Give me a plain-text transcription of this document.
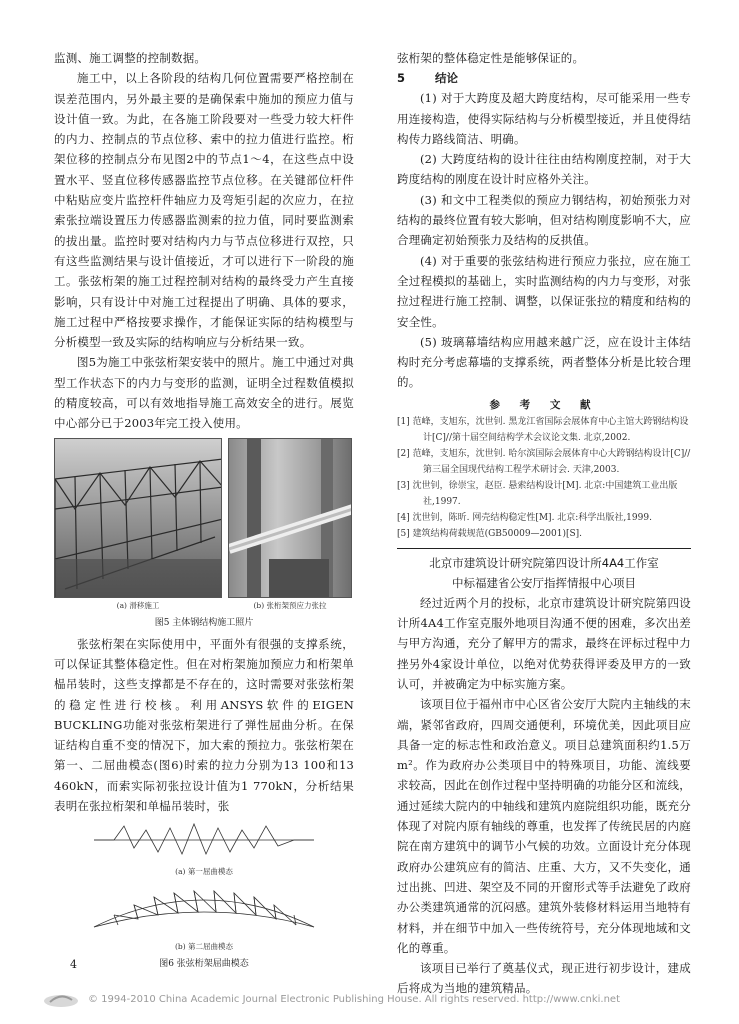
监测、施工调整的控制数据。

施工中，以上各阶段的结构几何位置需要严格控制在误差范围内，另外最主要的是确保索中施加的预应力值与设计值一致。为此，在各施工阶段要对一些受力较大杆件的内力、控制点的节点位移、索中的拉力值进行监控。桁架位移的控制点分布见图2中的节点1～4，在这些点中设置水平、竖直位移传感器监控节点位移。在关键部位杆件中粘贴应变片监控杆件轴应力及弯矩引起的次应力，在拉索张拉端设置压力传感器监测索的拉力值，同时要监测索的拔出量。监控时要对结构内力与节点位移进行双控，只有这些监测结果与设计值接近，才可以进行下一阶段的施工。张弦桁架的施工过程控制对结构的最终受力产生直接影响，只有设计中对施工过程提出了明确、具体的要求，施工过程中严格按要求操作，才能保证实际的结构模型与分析模型一致及实际的结构响应与分析结果一致。

图5为施工中张弦桁架安装中的照片。施工中通过对典型工作状态下的内力与变形的监测，证明全过程数值模拟的精度较高，可以有效地指导施工高效安全的进行。展览中心部分已于2003年完工投入使用。

(a) 滑移施工	(b) 张桁架预应力张拉
图5 主体钢结构施工照片

张弦桁架在实际使用中，平面外有很强的支撑系统，可以保证其整体稳定性。但在对桁架施加预应力和桁架单榀吊装时，这些支撑都是不存在的，这时需要对张弦桁架的稳定性进行校核。利用ANSYS软件的EIGEN BUCKLING功能对张弦桁架进行了弹性屈曲分析。在保证结构自重不变的情况下，加大索的预拉力。张弦桁架在第一、二屈曲模态(图6)时索的拉力分别为13 100和13 460kN，而索实际初张拉设计值为1 770kN，分析结果表明在张拉桁架和单榀吊装时，张

(a) 第一屈曲模态
(b) 第二屈曲模态
图6 张弦桁架屈曲模态

弦桁架的整体稳定性是能够保证的。

5	结论

(1) 对于大跨度及超大跨度结构，尽可能采用一些专用连接构造，使得实际结构与分析模型接近，并且使得结构传力路线简洁、明确。

(2) 大跨度结构的设计往往由结构刚度控制，对于大跨度结构的刚度在设计时应格外关注。

(3) 和文中工程类似的预应力钢结构，初始预张力对结构的最终位置有较大影响，但对结构刚度影响不大，应合理确定初始预张力及结构的反拱值。

(4) 对于重要的张弦结构进行预应力张拉，应在施工全过程模拟的基础上，实时监测结构的内力与变形，对张拉过程进行施工控制、调整，以保证张拉的精度和结构的安全性。

(5) 玻璃幕墙结构应用越来越广泛，应在设计主体结构时充分考虑幕墙的支撑系统，两者整体分析是比较合理的。

参 考 文 献

[1] 范峰，支旭东，沈世钊. 黑龙江省国际会展体育中心主馆大跨钢结构设计[C]//第十届空间结构学术会议论文集. 北京,2002.

[2] 范峰，支旭东，沈世钊. 哈尔滨国际会展体育中心大跨钢结构设计[C]//第三届全国现代结构工程学术研讨会. 天津,2003.

[3] 沈世钊，徐崇宝，赵臣. 悬索结构设计[M]. 北京:中国建筑工业出版社,1997.

[4] 沈世钊，陈昕. 网壳结构稳定性[M]. 北京:科学出版社,1999.

[5] 建筑结构荷载规范(GB50009—2001)[S].

北京市建筑设计研究院第四设计所4A4工作室

中标福建省公安厅指挥情报中心项目

经过近两个月的投标，北京市建筑设计研究院第四设计所4A4工作室克服外地项目沟通不便的困难，多次出差与甲方沟通，充分了解甲方的需求，最终在评标过程中力挫另外4家设计单位，以绝对优势获得评委及甲方的一致认可，并被确定为中标实施方案。

该项目位于福州市中心区省公安厅大院内主轴线的末端，紧邻省政府，四周交通便利，环境优美，因此项目应具备一定的标志性和政治意义。项目总建筑面积约1.5万m²。作为政府办公类项目中的特殊项目，功能、流线要求较高，因此在创作过程中坚持明确的功能分区和流线，通过延续大院内的中轴线和建筑内庭院组织功能，既充分体现了对院内原有轴线的尊重，也发挥了传统民居的内庭院在南方建筑中的调节小气候的功效。立面设计充分体现政府办公建筑应有的简洁、庄重、大方，又不失变化，通过出挑、凹进、架空及不同的开窗形式等手法避免了政府办公类建筑通常的沉闷感。建筑外装修材料运用当地特有材料，并在细节中加入一些传统符号，充分体现地域和文化的尊重。

该项目已举行了奠基仪式，现正进行初步设计，建成后将成为当地的建筑精品。

4
© 1994-2010 China Academic Journal Electronic Publishing House. All rights reserved. http://www.cnki.net
